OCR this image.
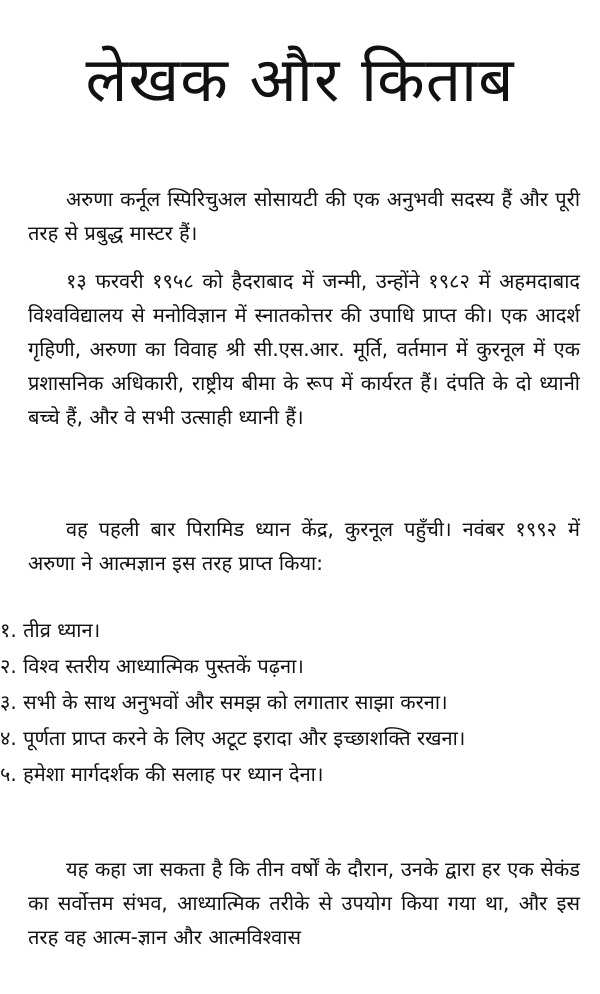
लेखक और किताब

अरुणा कर्नूल स्पिरिचुअल सोसायटी की एक अनुभवी सदस्य हैं और पूरी तरह से प्रबुद्ध मास्टर हैं।

१३ फरवरी १९५८ को हैदराबाद में जन्मी, उन्होंने १९८२ में अहमदाबाद विश्वविद्यालय से मनोविज्ञान में स्नातकोत्तर की उपाधि प्राप्त की। एक आदर्श गृहिणी, अरुणा का विवाह श्री सी.एस.आर. मूर्ति, वर्तमान में कुरनूल में एक प्रशासनिक अधिकारी, राष्ट्रीय बीमा के रूप में कार्यरत हैं। दंपति के दो ध्यानी बच्चे हैं, और वे सभी उत्साही ध्यानी हैं।

वह पहली बार पिरामिड ध्यान केंद्र, कुरनूल पहुँची। नवंबर १९९२ में अरुणा ने आत्मज्ञान इस तरह प्राप्त किया:

१. तीव्र ध्यान।
२. विश्व स्तरीय आध्यात्मिक पुस्तकें पढ़ना।
३. सभी के साथ अनुभवों और समझ को लगातार साझा करना।
४. पूर्णता प्राप्त करने के लिए अटूट इरादा और इच्छाशक्ति रखना।
५. हमेशा मार्गदर्शक की सलाह पर ध्यान देना।

यह कहा जा सकता है कि तीन वर्षों के दौरान, उनके द्वारा हर एक सेकंड का सर्वोत्तम संभव, आध्यात्मिक तरीके से उपयोग किया गया था, और इस तरह वह आत्म-ज्ञान और आत्मविश्वास
